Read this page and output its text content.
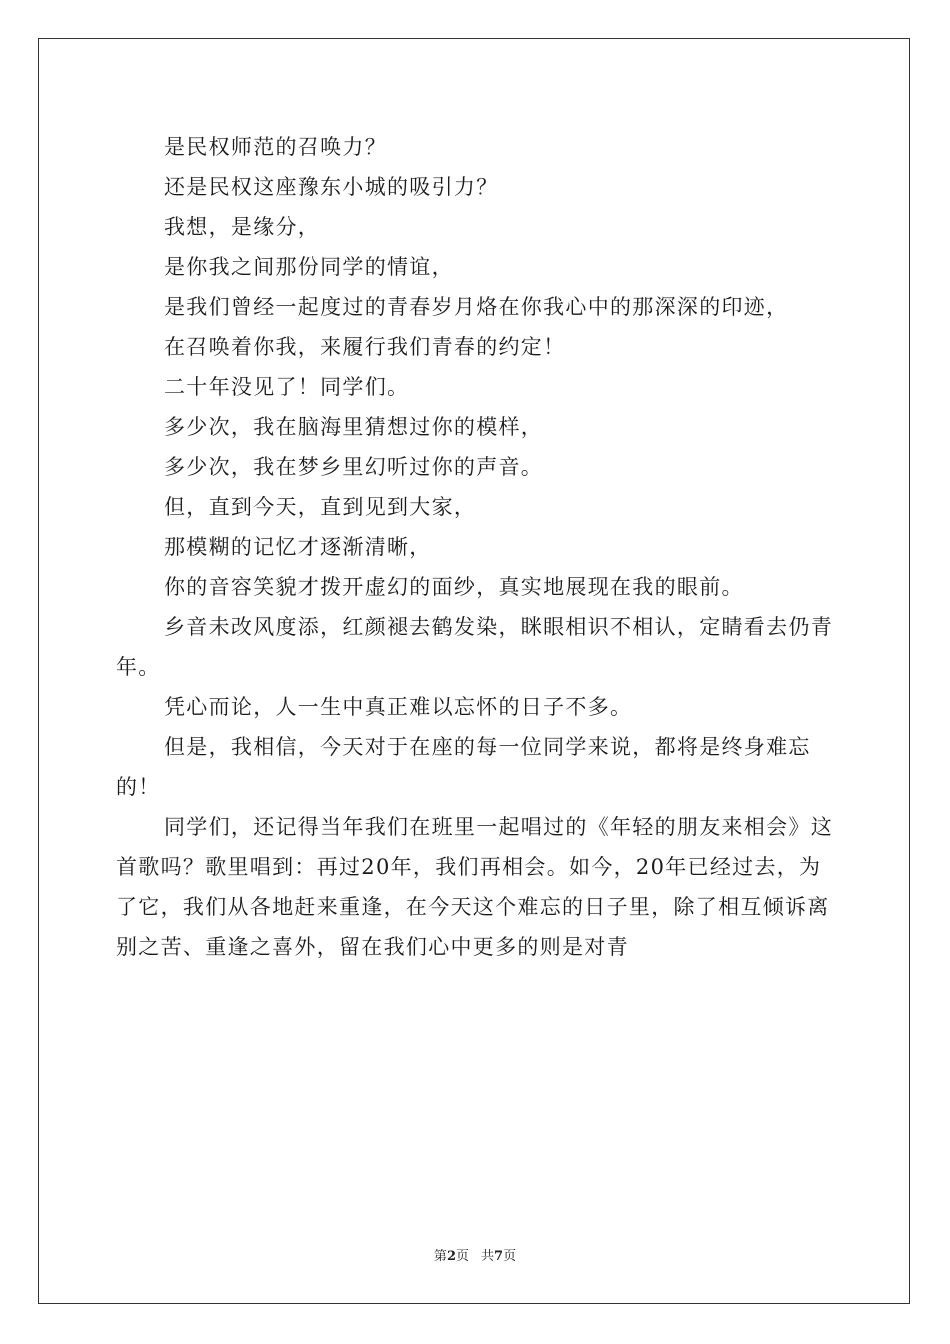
是民权师范的召唤力？

还是民权这座豫东小城的吸引力？

我想，是缘分，

是你我之间那份同学的情谊，

是我们曾经一起度过的青春岁月烙在你我心中的那深深的印迹，

在召唤着你我，来履行我们青春的约定！

二十年没见了！同学们。

多少次，我在脑海里猜想过你的模样，

多少次，我在梦乡里幻听过你的声音。

但，直到今天，直到见到大家，

那模糊的记忆才逐渐清晰，

你的音容笑貌才拨开虚幻的面纱，真实地展现在我的眼前。

乡音未改风度添，红颜褪去鹤发染，眯眼相识不相认，定睛看去仍青年。

凭心而论，人一生中真正难以忘怀的日子不多。

但是，我相信，今天对于在座的每一位同学来说，都将是终身难忘的！

同学们，还记得当年我们在班里一起唱过的《年轻的朋友来相会》这首歌吗？歌里唱到：再过20年，我们再相会。如今，20年已经过去，为了它，我们从各地赶来重逢，在今天这个难忘的日子里，除了相互倾诉离别之苦、重逢之喜外，留在我们心中更多的则是对青

第2页 共7页
